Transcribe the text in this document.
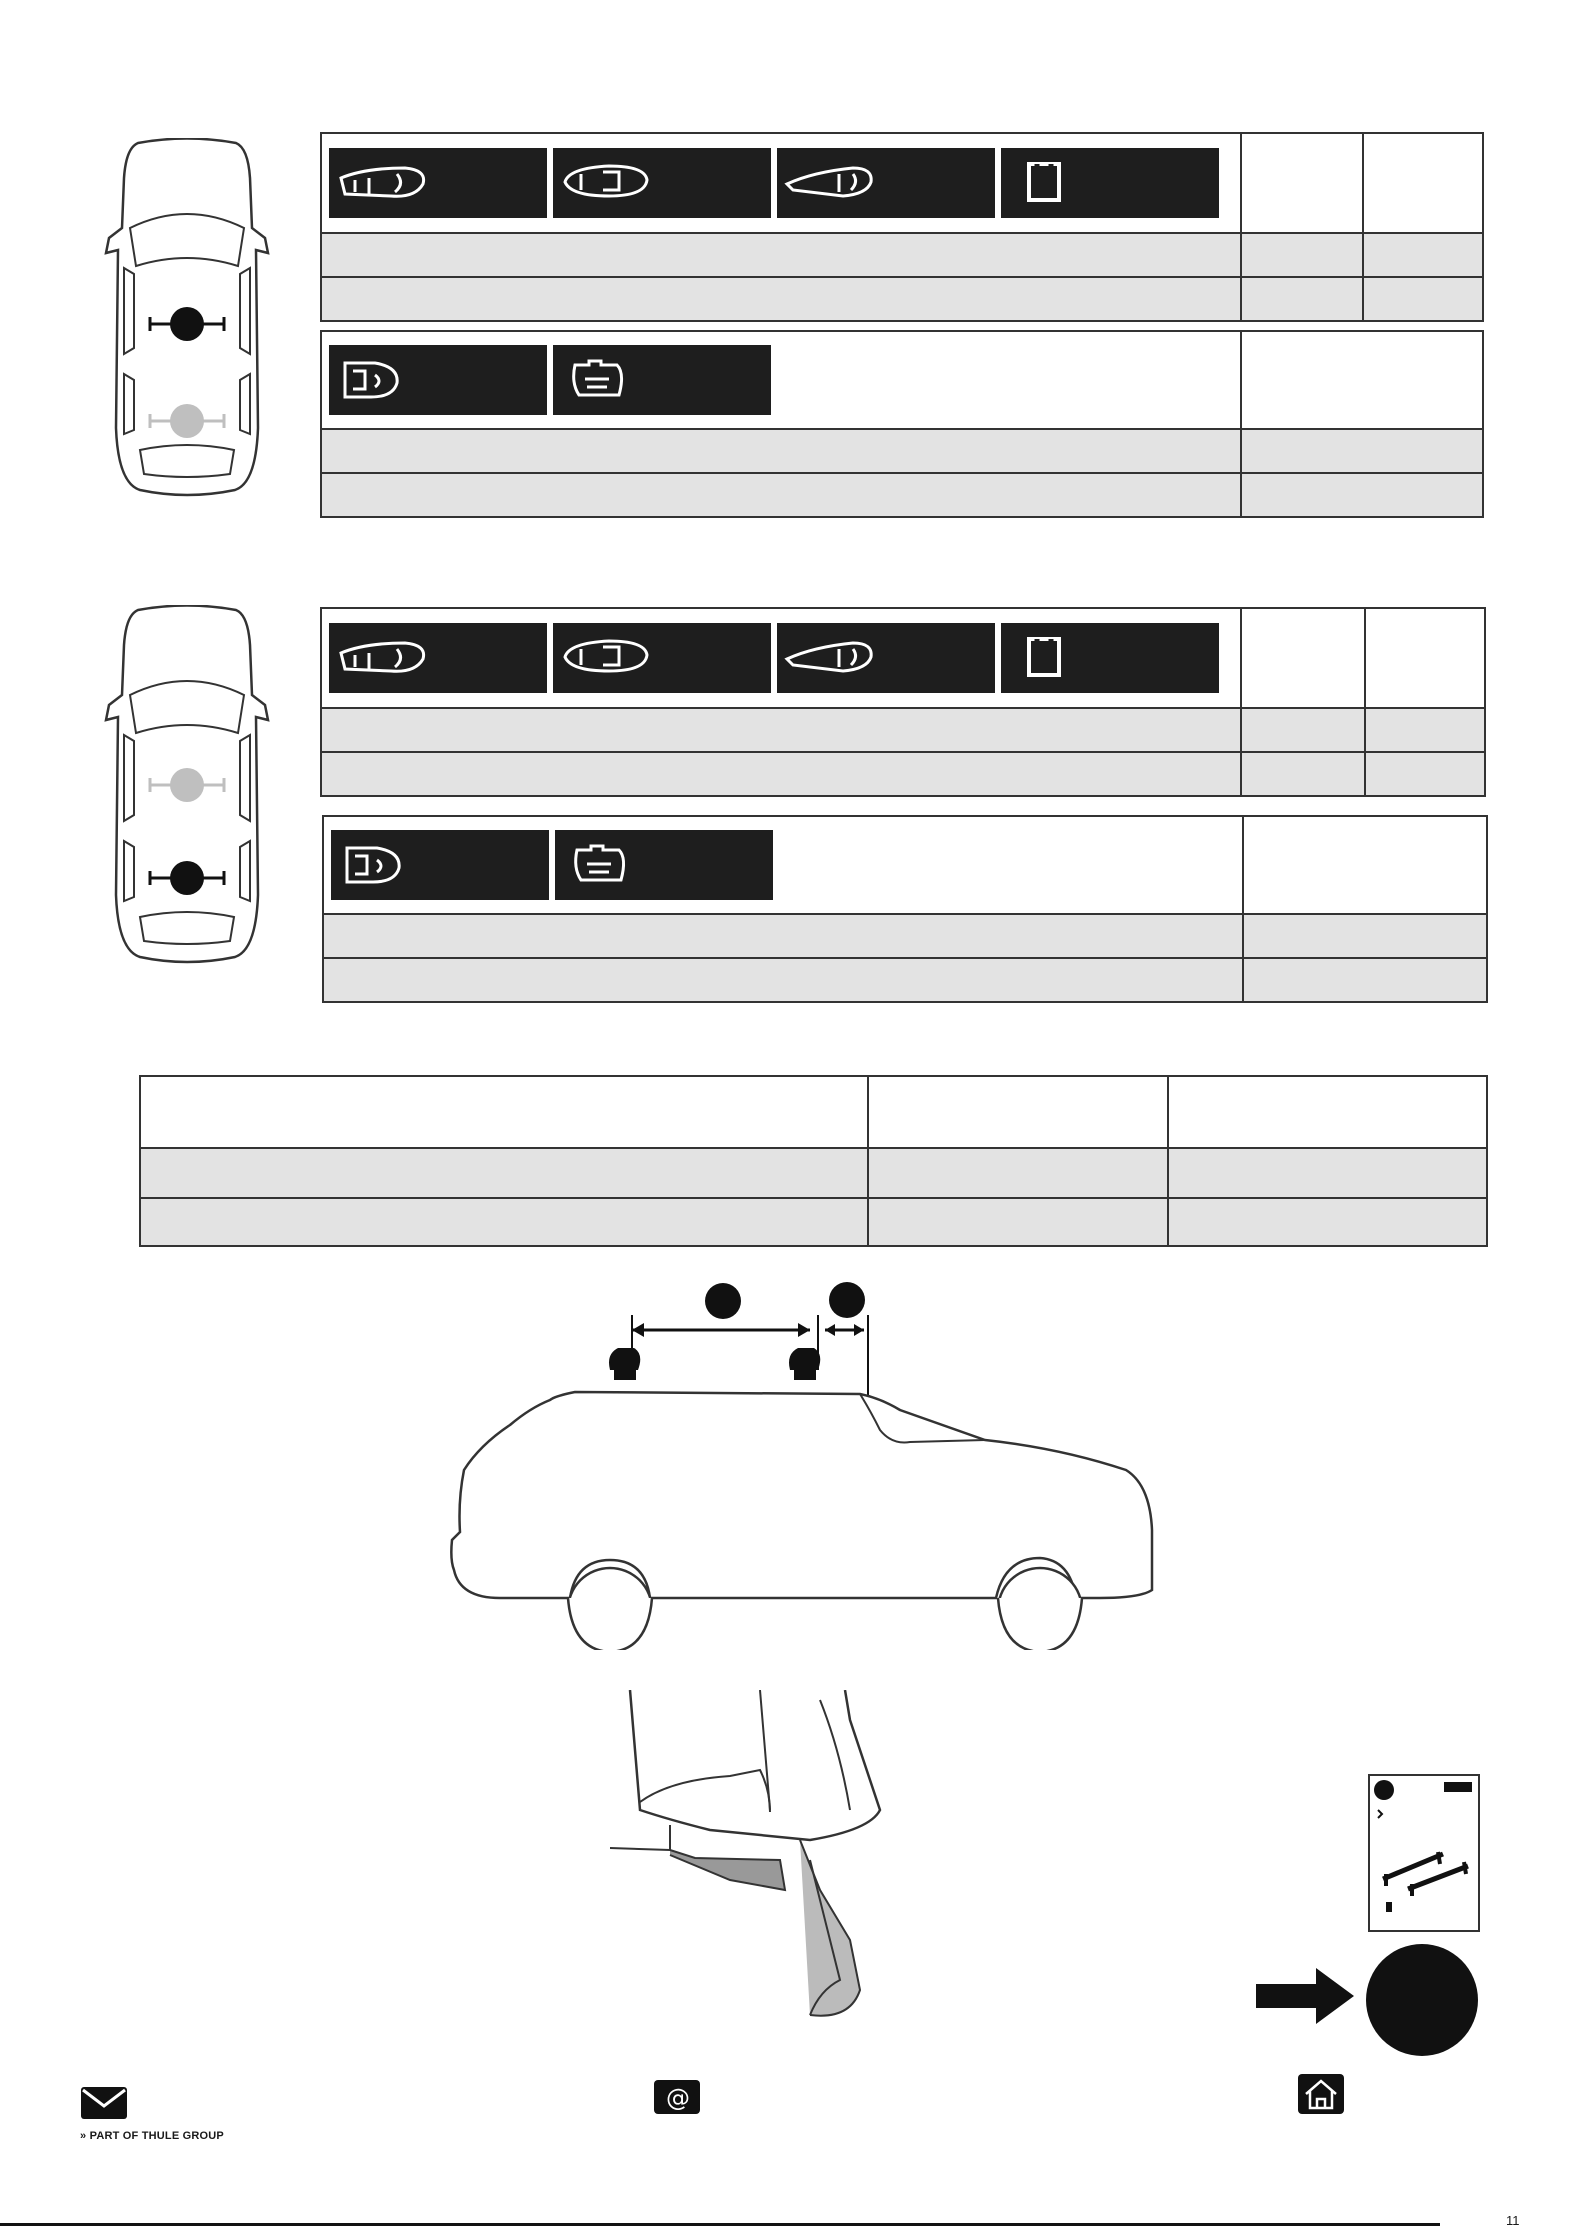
» PART OF THULE GROUP
@
11
